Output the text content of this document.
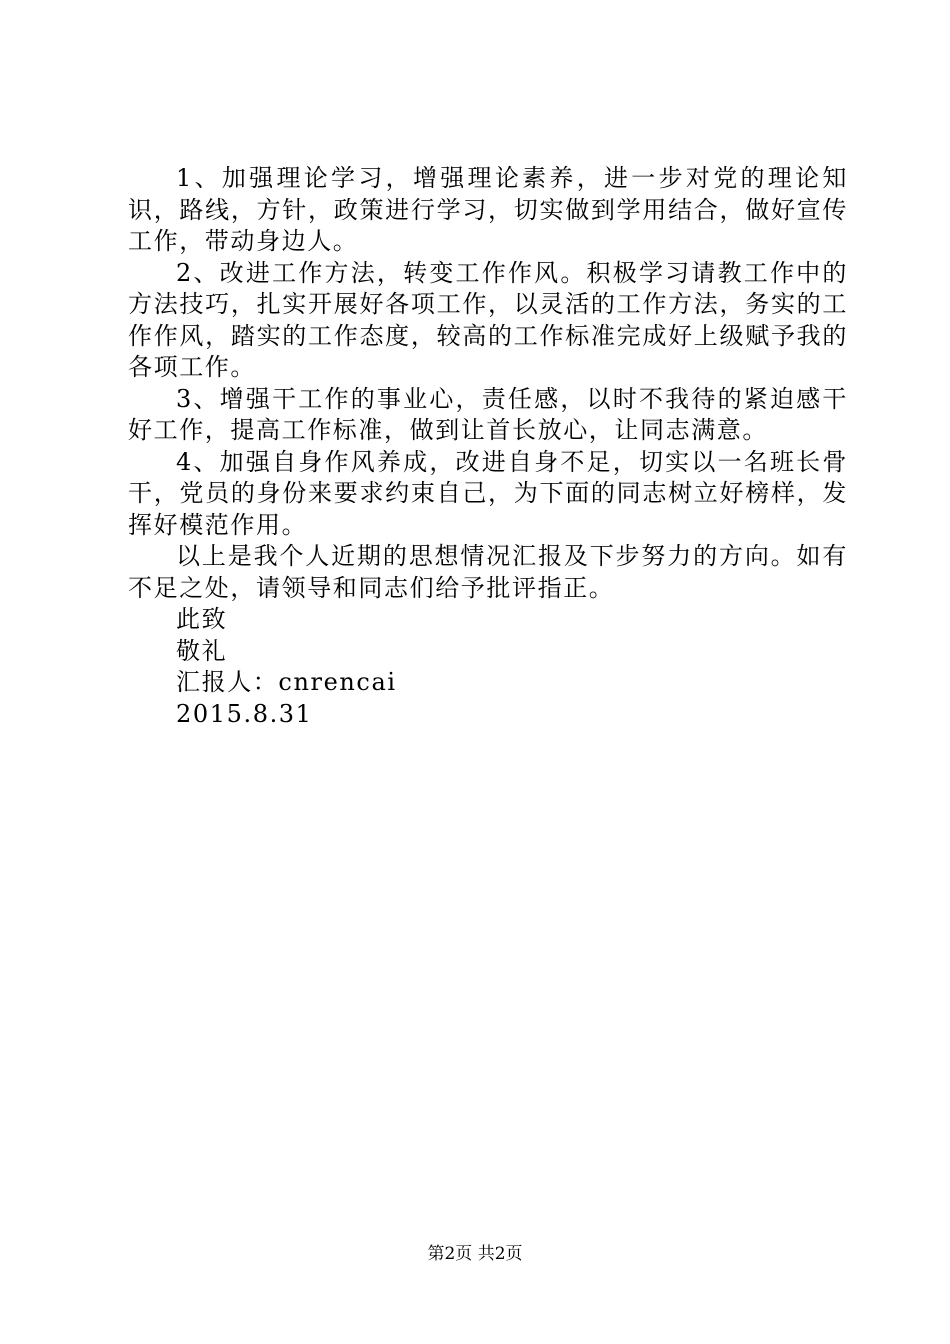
1、加强理论学习，增强理论素养，进一步对党的理论知识，路线，方针，政策进行学习，切实做到学用结合，做好宣传工作，带动身边人。

2、改进工作方法，转变工作作风。积极学习请教工作中的方法技巧，扎实开展好各项工作，以灵活的工作方法，务实的工作作风，踏实的工作态度，较高的工作标准完成好上级赋予我的各项工作。

3、增强干工作的事业心，责任感，以时不我待的紧迫感干好工作，提高工作标准，做到让首长放心，让同志满意。

4、加强自身作风养成，改进自身不足，切实以一名班长骨干，党员的身份来要求约束自己，为下面的同志树立好榜样，发挥好模范作用。

以上是我个人近期的思想情况汇报及下步努力的方向。如有不足之处，请领导和同志们给予批评指正。

此致

敬礼

汇报人：cnrencai

2015.8.31

第2页 共2页
